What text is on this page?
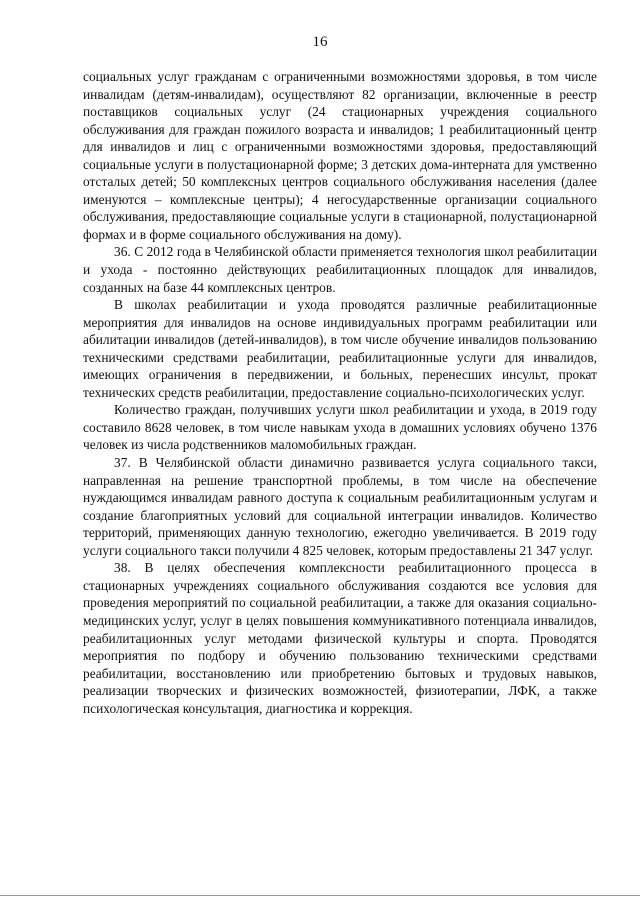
16

социальных услуг гражданам с ограниченными возможностями здоровья, в том числе инвалидам (детям-инвалидам), осуществляют 82 организации, включенные в реестр поставщиков социальных услуг (24 стационарных учреждения социального обслуживания для граждан пожилого возраста и инвалидов; 1 реабилитационный центр для инвалидов и лиц с ограниченными возможностями здоровья, предоставляющий социальные услуги в полустационарной форме; 3 детских дома-интерната для умственно отсталых детей; 50 комплексных центров социального обслуживания населения (далее именуются – комплексные центры); 4 негосударственные организации социального обслуживания, предоставляющие социальные услуги в стационарной, полустационарной формах и в форме социального обслуживания на дому).

36. С 2012 года в Челябинской области применяется технология школ реабилитации и ухода - постоянно действующих реабилитационных площадок для инвалидов, созданных на базе 44 комплексных центров.

В школах реабилитации и ухода проводятся различные реабилитационные мероприятия для инвалидов на основе индивидуальных программ реабилитации или абилитации инвалидов (детей-инвалидов), в том числе обучение инвалидов пользованию техническими средствами реабилитации, реабилитационные услуги для инвалидов, имеющих ограничения в передвижении, и больных, перенесших инсульт, прокат технических средств реабилитации, предоставление социально-психологических услуг.

Количество граждан, получивших услуги школ реабилитации и ухода, в 2019 году составило 8628 человек, в том числе навыкам ухода в домашних условиях обучено 1376 человек из числа родственников маломобильных граждан.

37. В Челябинской области динамично развивается услуга социального такси, направленная на решение транспортной проблемы, в том числе на обеспечение нуждающимся инвалидам равного доступа к социальным реабилитационным услугам и создание благоприятных условий для социальной интеграции инвалидов. Количество территорий, применяющих данную технологию, ежегодно увеличивается. В 2019 году услуги социального такси получили 4 825 человек, которым предоставлены 21 347 услуг.

38. В целях обеспечения комплексности реабилитационного процесса в стационарных учреждениях социального обслуживания создаются все условия для проведения мероприятий по социальной реабилитации, а также для оказания социально-медицинских услуг, услуг в целях повышения коммуникативного потенциала инвалидов, реабилитационных услуг методами физической культуры и спорта. Проводятся мероприятия по подбору и обучению пользованию техническими средствами реабилитации, восстановлению или приобретению бытовых и трудовых навыков, реализации творческих и физических возможностей, физиотерапии, ЛФК, а также психологическая консультация, диагностика и коррекция.
